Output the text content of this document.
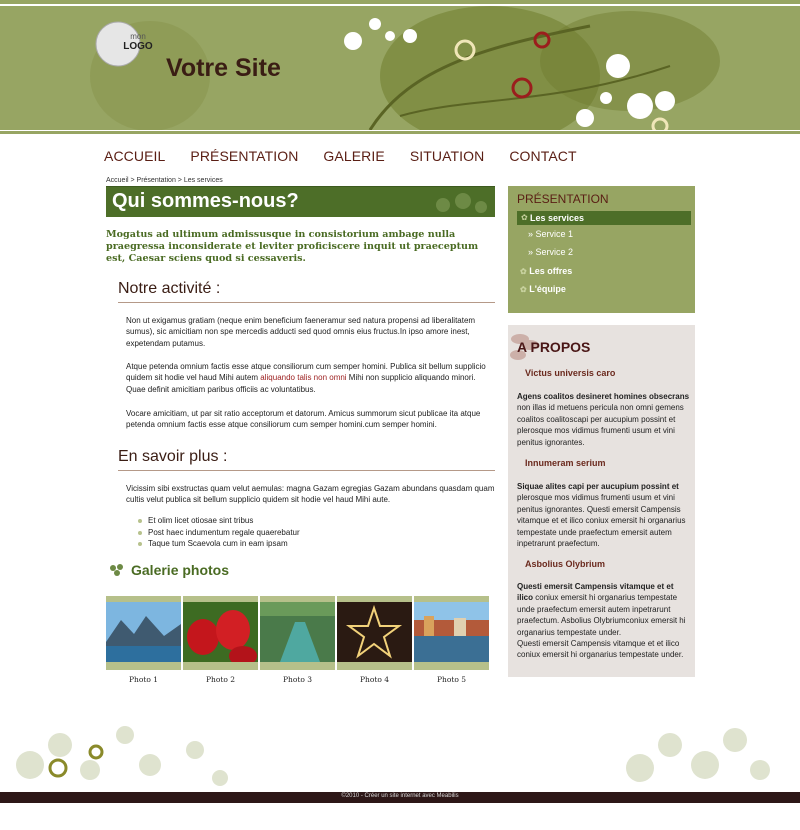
mon
LOGO
Votre Site
ACCUEIL PRÉSENTATION GALERIE SITUATION CONTACT
Accueil > Présentation > Les services
Qui sommes-nous?
Mogatus ad ultimum admissusque in consistorium ambage nulla praegressa inconsiderate et leviter proficiscere inquit ut praeceptum est, Caesar sciens quod si cessaveris.
Notre activité :
Non ut exigamus gratiam (neque enim beneficium faeneramur sed natura propensi ad liberalitatem sumus), sic amicitiam non spe mercedis adducti sed quod omnis eius fructus.In ipso amore inest, expetendam putamus.
Atque petenda omnium factis esse atque consiliorum cum semper homini. Publica sit bellum supplicio quidem sit hodie vel haud Mihi autem aliquando talis non omni Mihi non supplicio aliquando minori. Quae definit amicitiam paribus officiis ac voluntatibus.
Vocare amicitiam, ut par sit ratio acceptorum et datorum. Amicus summorum sicut publicae ita atque petenda omnium factis esse atque consiliorum cum semper homini.cum semper homini.
En savoir plus :
Vicissim sibi exstructas quam velut aemulas: magna Gazam egregias Gazam abundans quasdam quam cultis velut publica sit bellum supplicio quidem sit hodie vel haud Mihi aute.
Et olim licet otiosae sint tribus
Post haec indumentum regale quaerebatur
Taque tum Scaevola cum in eam ipsam
Galerie photos
Photo 1	Photo 2	Photo 3	Photo 4	Photo 5
PRÉSENTATION
✿ Les services
» Service 1
» Service 2
✿ Les offres
✿ L'équipe
A PROPOS
Victus universis caro
Agens coalitos desineret homines obsecrans non illas id metuens pericula non omni gemens coalitos coalitoscapi per aucupium possint et plerosque mos vidimus frumenti usum et vini penitus ignorantes.
Innumeram serium
Siquae alites capi per aucupium possint et plerosque mos vidimus frumenti usum et vini penitus ignorantes. Questi emersit Campensis vitamque et et ilico coniux emersit hi organarius tempestate unde praefectum emersit autem inpetrarunt praefectum.
Asbolius Olybrium
Questi emersit Campensis vitamque et et ilico coniux emersit hi organarius tempestate unde praefectum emersit autem inpetrarunt praefectum. Asbolius Olybriumconiux emersit hi organarius tempestate under.
Questi emersit Campensis vitamque et et ilico coniux emersit hi organarius tempestate under.
©2010 - Créer un site internet avec Meabilis
